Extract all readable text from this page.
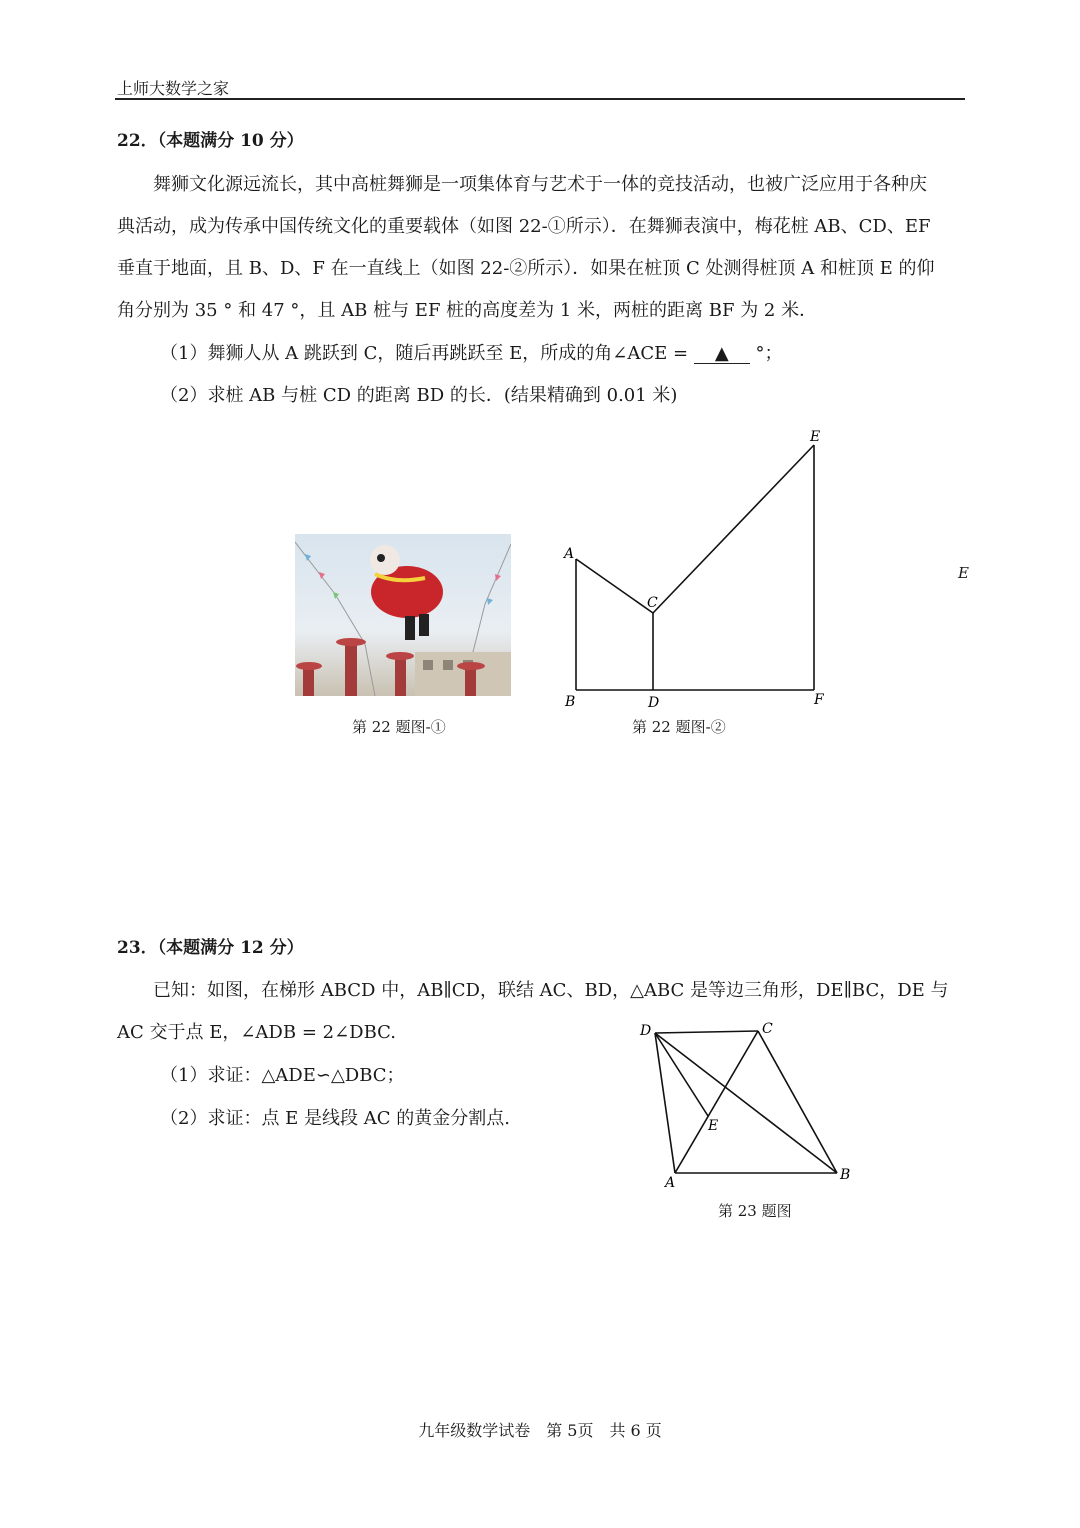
上师大数学之家
22．（本题满分 10 分）
舞狮文化源远流长，其中高桩舞狮是一项集体育与艺术于一体的竞技活动，也被广泛应用于各种庆
典活动，成为传承中国传统文化的重要载体（如图 22-①所示）．在舞狮表演中，梅花桩 AB、CD、EF
垂直于地面，且 B、D、F 在一直线上（如图 22-②所示）．如果在桩顶 C 处测得桩顶 A 和桩顶 E 的仰
角分别为 35 ° 和 47 °，且 AB 桩与 EF 桩的高度差为 1 米，两桩的距离 BF 为 2 米．
（1）舞狮人从 A 跳跃到 C，随后再跳跃至 E，所成的角∠ACE = ▲ °；
（2）求桩 AB 与桩 CD 的距离 BD 的长．(结果精确到 0.01 米)
第 22 题图-①
A
B
C
D
E
F
第 22 题图-②
E
23．（本题满分 12 分）
已知：如图，在梯形 ABCD 中，AB∥CD，联结 AC、BD，△ABC 是等边三角形，DE∥BC，DE 与
AC 交于点 E，∠ADB = 2∠DBC.
（1）求证：△ADE∽△DBC；
（2）求证：点 E 是线段 AC 的黄金分割点.
D	C
E
A	B
第 23 题图
九年级数学试卷　第 5页　共 6 页
